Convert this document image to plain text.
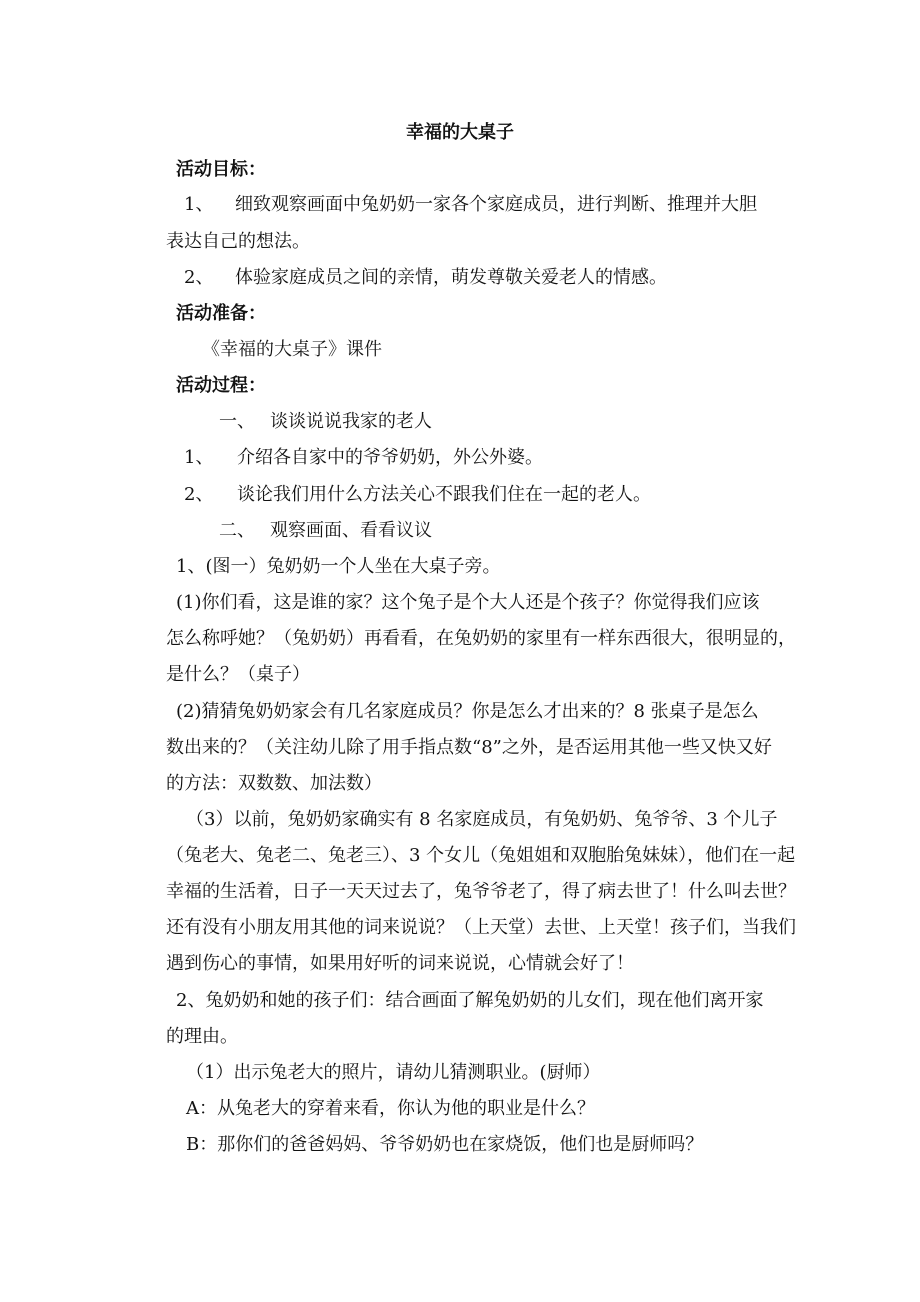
幸福的大桌子
活动目标：
1、 细致观察画面中兔奶奶一家各个家庭成员，进行判断、推理并大胆
表达自己的想法。
2、 体验家庭成员之间的亲情，萌发尊敬关爱老人的情感。
活动准备：
《幸福的大桌子》课件
活动过程：
一、 谈谈说说我家的老人
1、 介绍各自家中的爷爷奶奶，外公外婆。
2、 谈论我们用什么方法关心不跟我们住在一起的老人。
二、 观察画面、看看议议
1、(图一）兔奶奶一个人坐在大桌子旁。
(1)你们看，这是谁的家？这个兔子是个大人还是个孩子？你觉得我们应该
怎么称呼她？（兔奶奶）再看看，在兔奶奶的家里有一样东西很大，很明显的，
是什么？（桌子）
(2)猜猜兔奶奶家会有几名家庭成员？你是怎么才出来的？8 张桌子是怎么
数出来的？（关注幼儿除了用手指点数“8”之外，是否运用其他一些又快又好
的方法：双数数、加法数）
（3）以前，兔奶奶家确实有 8 名家庭成员，有兔奶奶、兔爷爷、3 个儿子
（兔老大、兔老二、兔老三）、3 个女儿（兔姐姐和双胞胎兔妹妹），他们在一起
幸福的生活着，日子一天天过去了，兔爷爷老了，得了病去世了！什么叫去世？
还有没有小朋友用其他的词来说说？（上天堂）去世、上天堂！孩子们，当我们
遇到伤心的事情，如果用好听的词来说说，心情就会好了！
2、兔奶奶和她的孩子们：结合画面了解兔奶奶的儿女们，现在他们离开家
的理由。
（1）出示兔老大的照片，请幼儿猜测职业。(厨师）
A：从兔老大的穿着来看，你认为他的职业是什么？
B：那你们的爸爸妈妈、爷爷奶奶也在家烧饭，他们也是厨师吗？
